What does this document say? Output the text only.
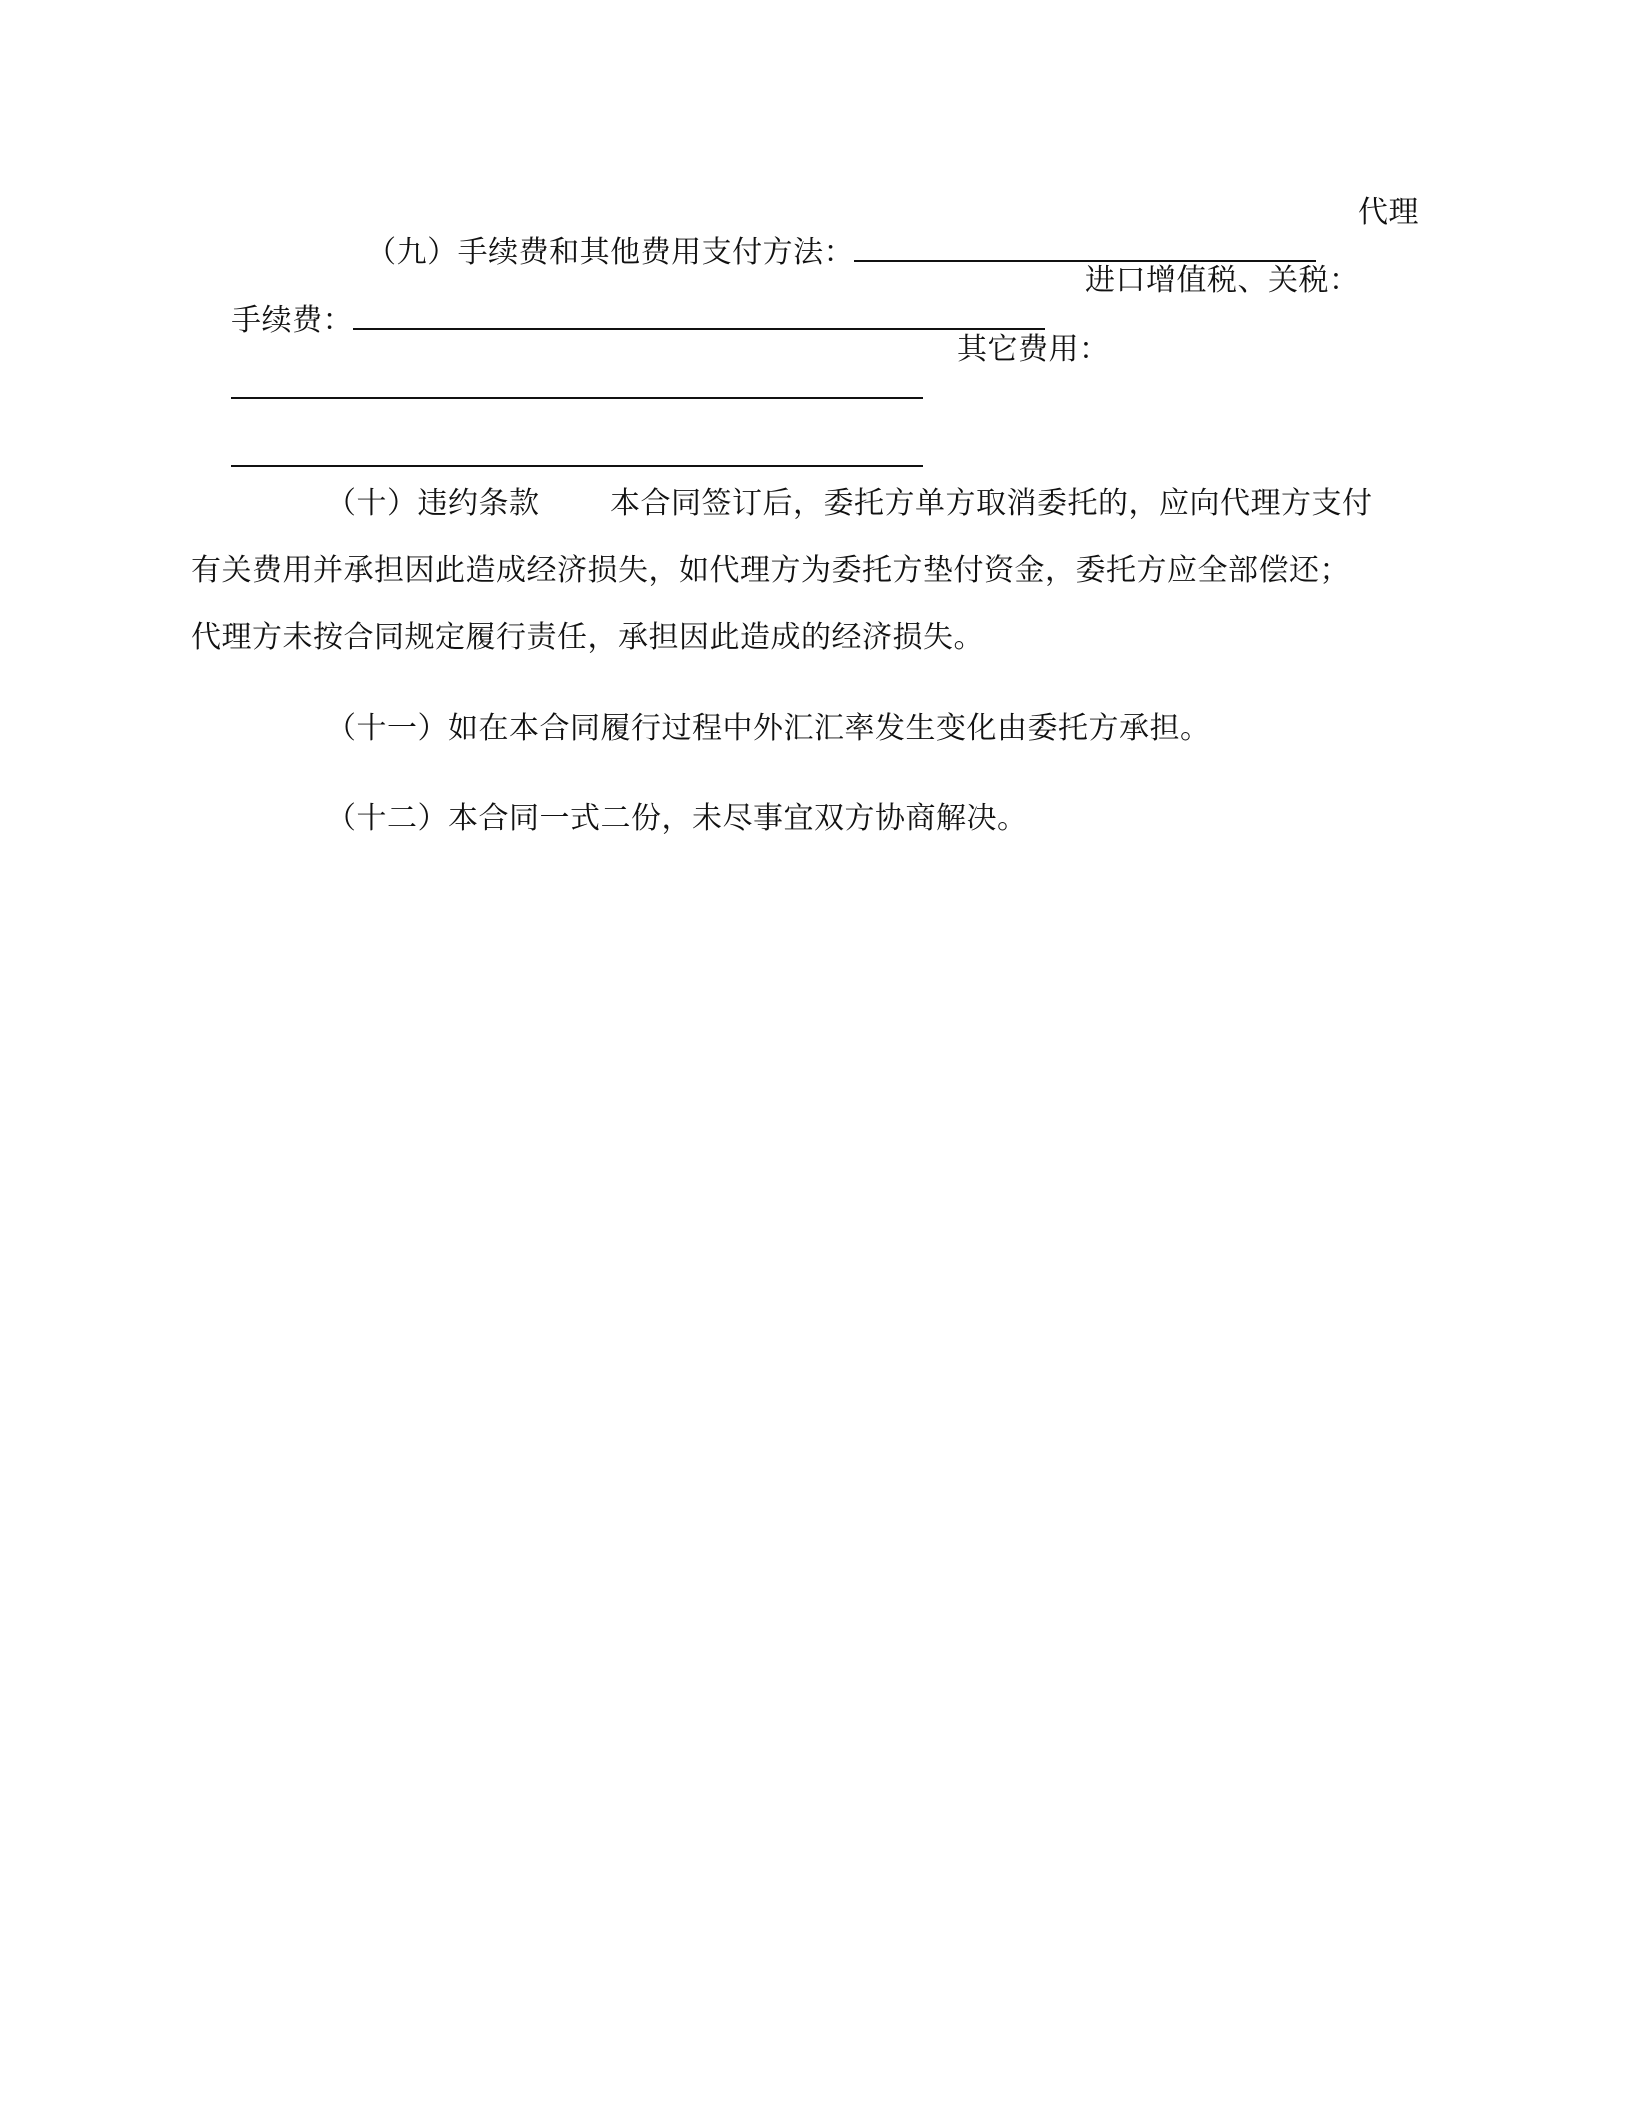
（九）手续费和其他费用支付方法：

代理

手续费：

进口增值税、关税：

其它费用：

（十）违约条款 本合同签订后，委托方单方取消委托的，应向代理方支付
有关费用并承担因此造成经济损失，如代理方为委托方垫付资金，委托方应全部偿还；
代理方未按合同规定履行责任，承担因此造成的经济损失。
（十一）如在本合同履行过程中外汇汇率发生变化由委托方承担。
（十二）本合同一式二份，未尽事宜双方协商解决。
